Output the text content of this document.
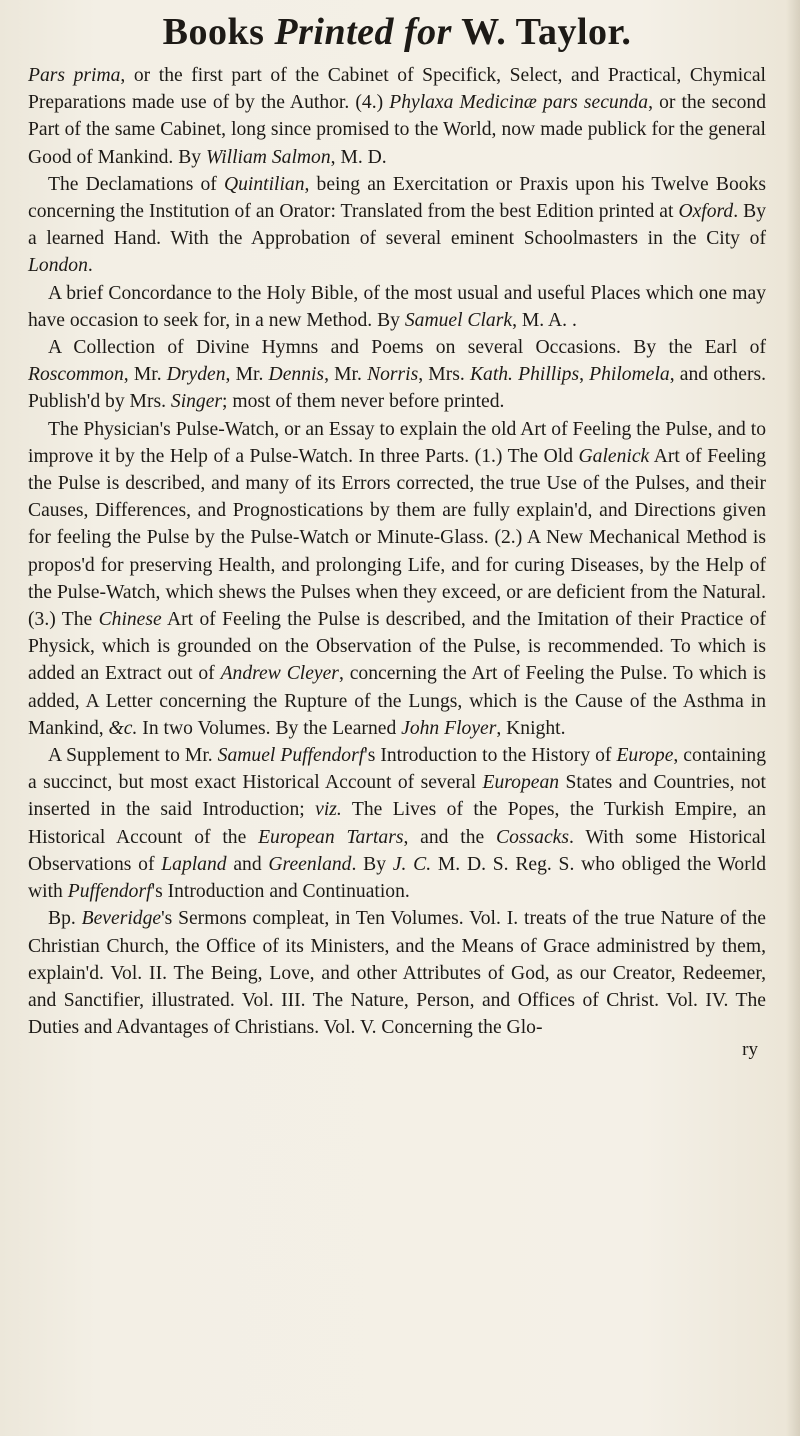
Books Printed for W. Taylor.

Pars prima, or the first part of the Cabinet of Specifick, Select, and Practical, Chymical Preparations made use of by the Author. (4.) Phylaxa Medicinæ pars secunda, or the second Part of the same Cabinet, long since promised to the World, now made publick for the general Good of Mankind. By William Salmon, M. D.

The Declamations of Quintilian, being an Exercitation or Praxis upon his Twelve Books concerning the Institution of an Orator: Translated from the best Edition printed at Oxford. By a learned Hand. With the Approbation of several eminent Schoolmasters in the City of London.

A brief Concordance to the Holy Bible, of the most usual and useful Places which one may have occasion to seek for, in a new Method. By Samuel Clark, M. A. .

A Collection of Divine Hymns and Poems on several Occasions. By the Earl of Roscommon, Mr. Dryden, Mr. Dennis, Mr. Norris, Mrs. Kath. Phillips, Philomela, and others. Publish'd by Mrs. Singer; most of them never before printed.

The Physician's Pulse-Watch, or an Essay to explain the old Art of Feeling the Pulse, and to improve it by the Help of a Pulse-Watch. In three Parts. (1.) The Old Galenick Art of Feeling the Pulse is described, and many of its Errors corrected, the true Use of the Pulses, and their Causes, Differences, and Prognostications by them are fully explain'd, and Directions given for feeling the Pulse by the Pulse-Watch or Minute-Glass. (2.) A New Mechanical Method is propos'd for preserving Health, and prolonging Life, and for curing Diseases, by the Help of the Pulse-Watch, which shews the Pulses when they exceed, or are deficient from the Natural. (3.) The Chinese Art of Feeling the Pulse is described, and the Imitation of their Practice of Physick, which is grounded on the Observation of the Pulse, is recommended. To which is added an Extract out of Andrew Cleyer, concerning the Art of Feeling the Pulse. To which is added, A Letter concerning the Rupture of the Lungs, which is the Cause of the Asthma in Mankind, &c. In two Volumes. By the Learned John Floyer, Knight.

A Supplement to Mr. Samuel Puffendorf's Introduction to the History of Europe, containing a succinct, but most exact Historical Account of several European States and Countries, not inserted in the said Introduction; viz. The Lives of the Popes, the Turkish Empire, an Historical Account of the European Tartars, and the Cossacks. With some Historical Observations of Lapland and Greenland. By J. C. M. D. S. Reg. S. who obliged the World with Puffendorf's Introduction and Continuation.

Bp. Beveridge's Sermons compleat, in Ten Volumes. Vol. I. treats of the true Nature of the Christian Church, the Office of its Ministers, and the Means of Grace administred by them, explain'd. Vol. II. The Being, Love, and other Attributes of God, as our Creator, Redeemer, and Sanctifier, illustrated. Vol. III. The Nature, Person, and Offices of Christ. Vol. IV. The Duties and Advantages of Christians. Vol. V. Concerning the Glo-

ry
